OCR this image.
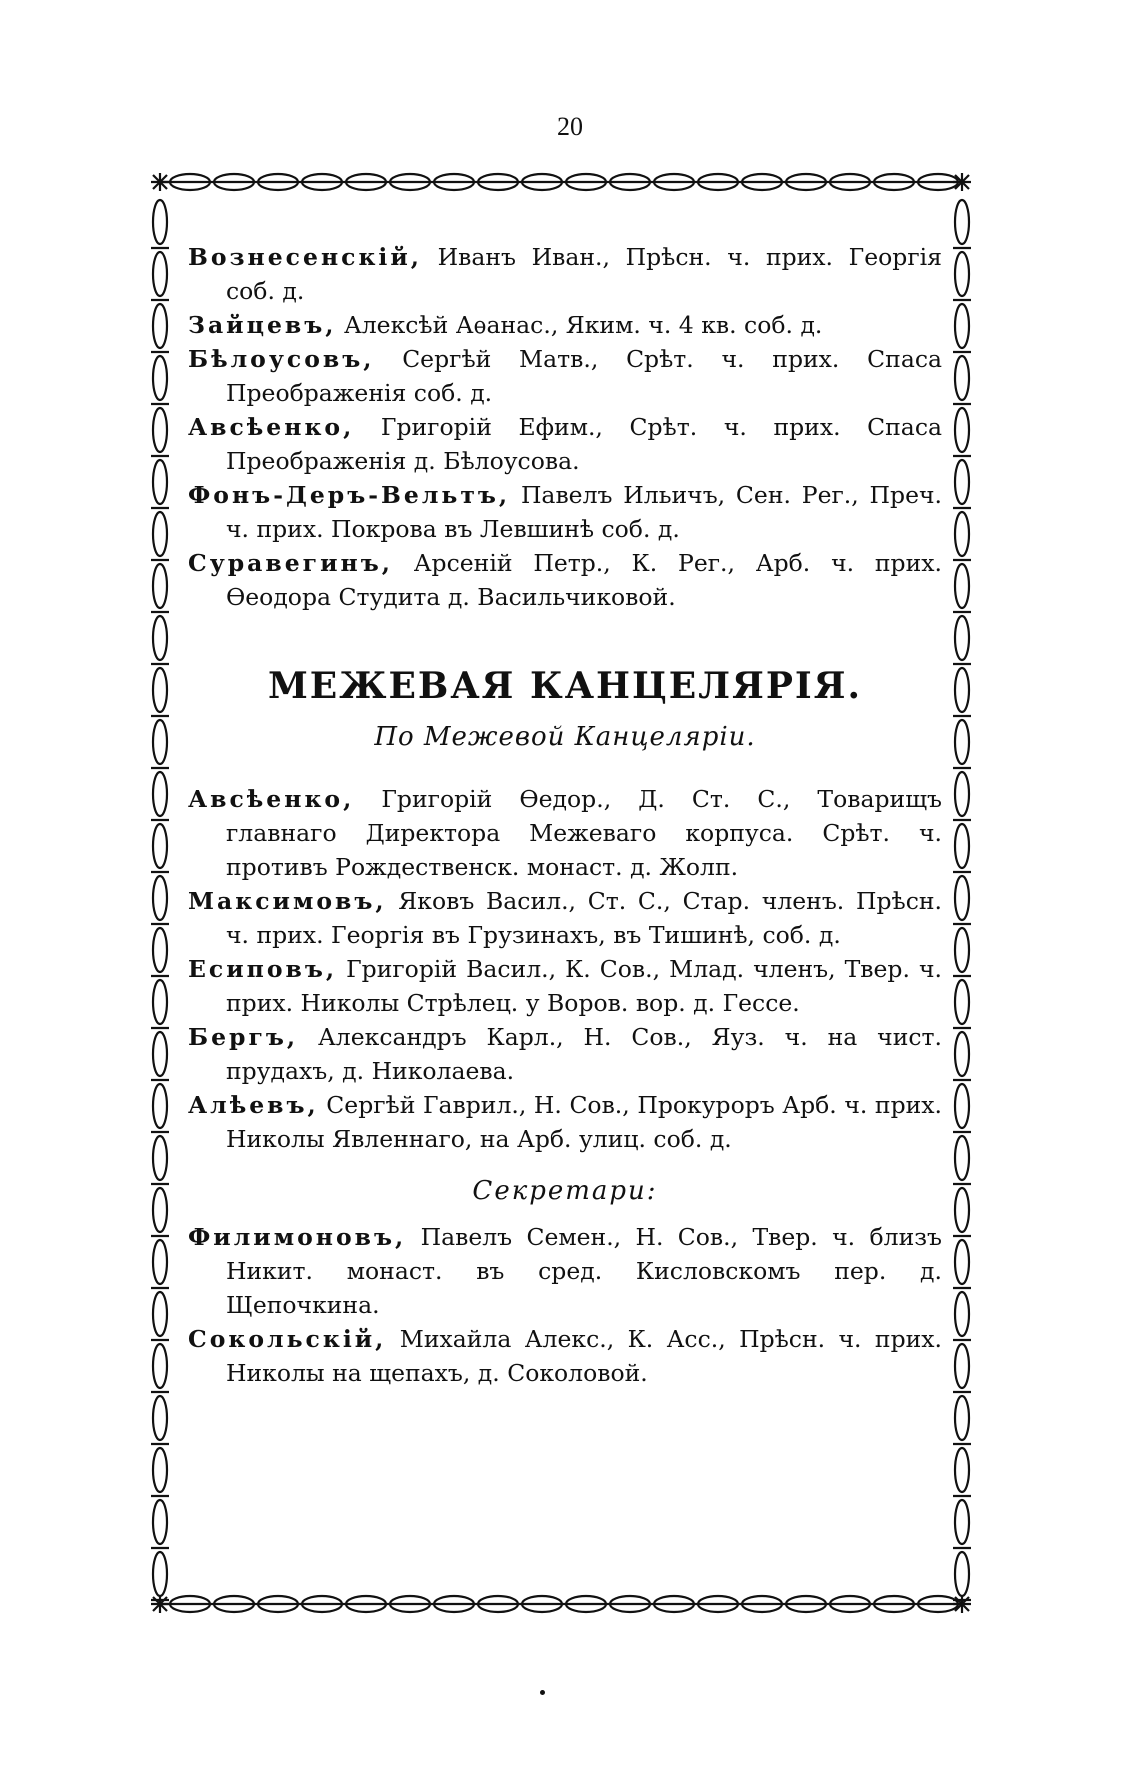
20
Вознесенскій, Иванъ Иван., Прѣсн. ч. прих. Георгія соб. д.
Зайцевъ, Алексѣй Аѳанас., Яким. ч. 4 кв. соб. д.
Бѣлоусовъ, Сергѣй Матв., Срѣт. ч. прих. Спаса Преображенія соб. д.
Авсѣенко, Григорій Ефим., Срѣт. ч. прих. Спаса Преображенія д. Бѣлоусова.
Фонъ-Деръ-Вельтъ, Павелъ Ильичъ, Сен. Рег., Преч. ч. прих. Покрова въ Левшинѣ соб. д.
Суравегинъ, Арсеній Петр., К. Рег., Арб. ч. прих. Ѳеодора Студита д. Васильчиковой.
МЕЖЕВАЯ КАНЦЕЛЯРІЯ.
По Межевой Канцеляріи.
Авсѣенко, Григорій Ѳедор., Д. Ст. С., Товарищъ главнаго Директора Межеваго корпуса. Срѣт. ч. противъ Рождественск. монаст. д. Жолп.
Максимовъ, Яковъ Васил., Ст. С., Стар. членъ. Прѣсн. ч. прих. Георгія въ Грузинахъ, въ Тишинѣ, соб. д.
Есиповъ, Григорій Васил., К. Сов., Млад. членъ, Твер. ч. прих. Николы Стрѣлец. у Воров. вор. д. Гессе.
Бергъ, Александръ Карл., Н. Сов., Яуз. ч. на чист. прудахъ, д. Николаева.
Алѣевъ, Сергѣй Гаврил., Н. Сов., Прокуроръ Арб. ч. прих. Николы Явленнаго, на Арб. улиц. соб. д.
Секретари:
Филимоновъ, Павелъ Семен., Н. Сов., Твер. ч. близъ Никит. монаст. въ сред. Кисловскомъ пер. д. Щепочкина.
Сокольскій, Михайла Алекс., К. Асс., Прѣсн. ч. прих. Николы на щепахъ, д. Соколовой.
